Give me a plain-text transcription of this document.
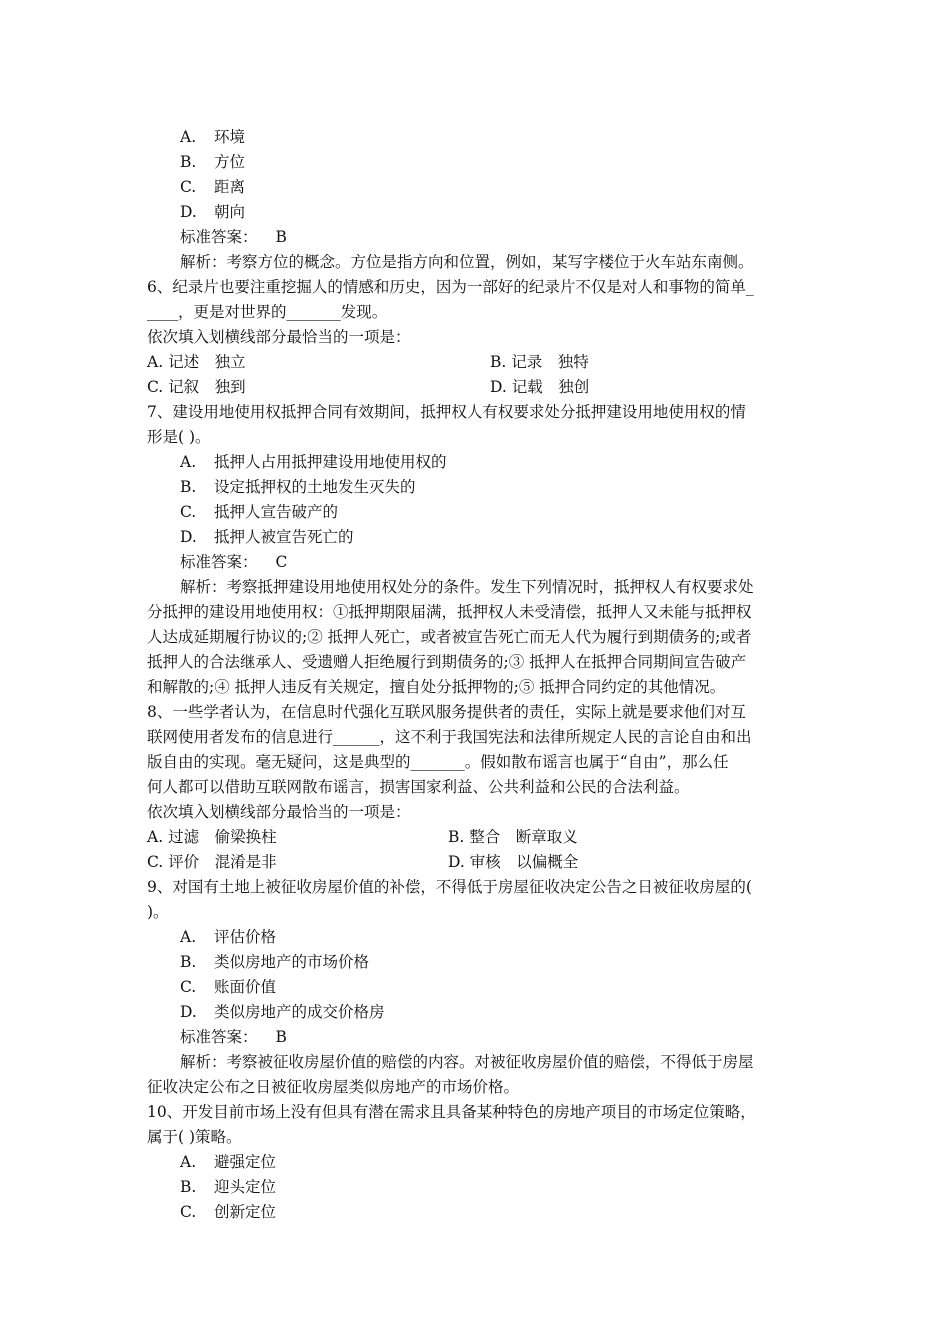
A. 环境
B. 方位
C. 距离
D. 朝向
标准答案： B
解析：考察方位的概念。方位是指方向和位置，例如，某写字楼位于火车站东南侧。
6、纪录片也要注重挖掘人的情感和历史，因为一部好的纪录片不仅是对人和事物的简单_
____，更是对世界的_______发现。
依次填入划横线部分最恰当的一项是：
A. 记述　独立	B. 记录　独特
C. 记叙　独到	D. 记载　独创
7、建设用地使用权抵押合同有效期间，抵押权人有权要求处分抵押建设用地使用权的情
形是( )。
A. 抵押人占用抵押建设用地使用权的
B. 设定抵押权的土地发生灭失的
C. 抵押人宣告破产的
D. 抵押人被宣告死亡的
标准答案： C
解析：考察抵押建设用地使用权处分的条件。发生下列情况时，抵押权人有权要求处
分抵押的建设用地使用权：①抵押期限届满，抵押权人未受清偿，抵押人又未能与抵押权
人达成延期履行协议的;② 抵押人死亡，或者被宣告死亡而无人代为履行到期债务的;或者
抵押人的合法继承人、受遗赠人拒绝履行到期债务的;③ 抵押人在抵押合同期间宣告破产
和解散的;④ 抵押人违反有关规定，擅自处分抵押物的;⑤ 抵押合同约定的其他情况。
8、一些学者认为，在信息时代强化互联风服务提供者的责任，实际上就是要求他们对互
联网使用者发布的信息进行______，这不利于我国宪法和法律所规定人民的言论自由和出
版自由的实现。毫无疑问，这是典型的_______。假如散布谣言也属于“自由”，那么任
何人都可以借助互联网散布谣言，损害国家利益、公共利益和公民的合法利益。
依次填入划横线部分最恰当的一项是：
A. 过滤　偷梁换柱	B. 整合　断章取义
C. 评价　混淆是非	D. 审核　以偏概全
9、对国有土地上被征收房屋价值的补偿，不得低于房屋征收决定公告之日被征收房屋的(
)。
A. 评估价格
B. 类似房地产的市场价格
C. 账面价值
D. 类似房地产的成交价格房
标准答案： B
解析：考察被征收房屋价值的赔偿的内容。对被征收房屋价值的赔偿，不得低于房屋
征收决定公布之日被征收房屋类似房地产的市场价格。
10、开发目前市场上没有但具有潜在需求且具备某种特色的房地产项目的市场定位策略，
属于( )策略。
A. 避强定位
B. 迎头定位
C. 创新定位
